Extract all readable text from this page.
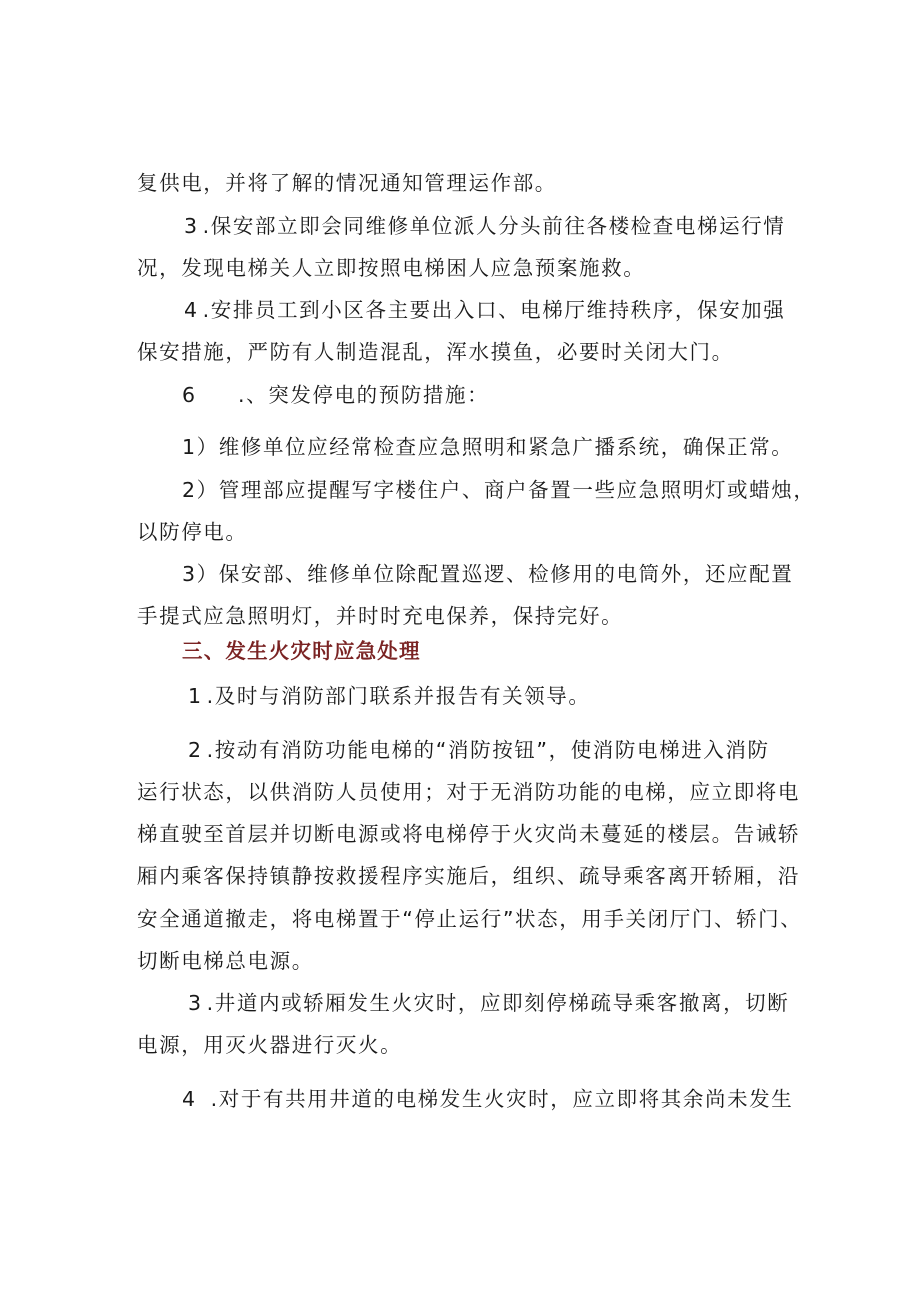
复供电，并将了解的情况通知管理运作部。
3 .保安部立即会同维修单位派人分头前往各楼检查电梯运行情
况，发现电梯关人立即按照电梯困人应急预案施救。
4 .安排员工到小区各主要出入口、电梯厅维持秩序，保安加强
保安措施，严防有人制造混乱，浑水摸鱼，必要时关闭大门。
6 .、突发停电的预防措施：
1）维修单位应经常检查应急照明和紧急广播系统，确保正常。
2）管理部应提醒写字楼住户、商户备置一些应急照明灯或蜡烛，
以防停电。
3）保安部、维修单位除配置巡逻、检修用的电筒外，还应配置
手提式应急照明灯，并时时充电保养，保持完好。
三、发生火灾时应急处理
1 .及时与消防部门联系并报告有关领导。
2 .按动有消防功能电梯的“消防按钮”，使消防电梯进入消防
运行状态，以供消防人员使用；对于无消防功能的电梯，应立即将电
梯直驶至首层并切断电源或将电梯停于火灾尚未蔓延的楼层。告诫轿
厢内乘客保持镇静按救援程序实施后，组织、疏导乘客离开轿厢，沿
安全通道撤走，将电梯置于“停止运行”状态，用手关闭厅门、轿门、
切断电梯总电源。
3 .井道内或轿厢发生火灾时，应即刻停梯疏导乘客撤离，切断
电源，用灭火器进行灭火。
4 .对于有共用井道的电梯发生火灾时，应立即将其余尚未发生
